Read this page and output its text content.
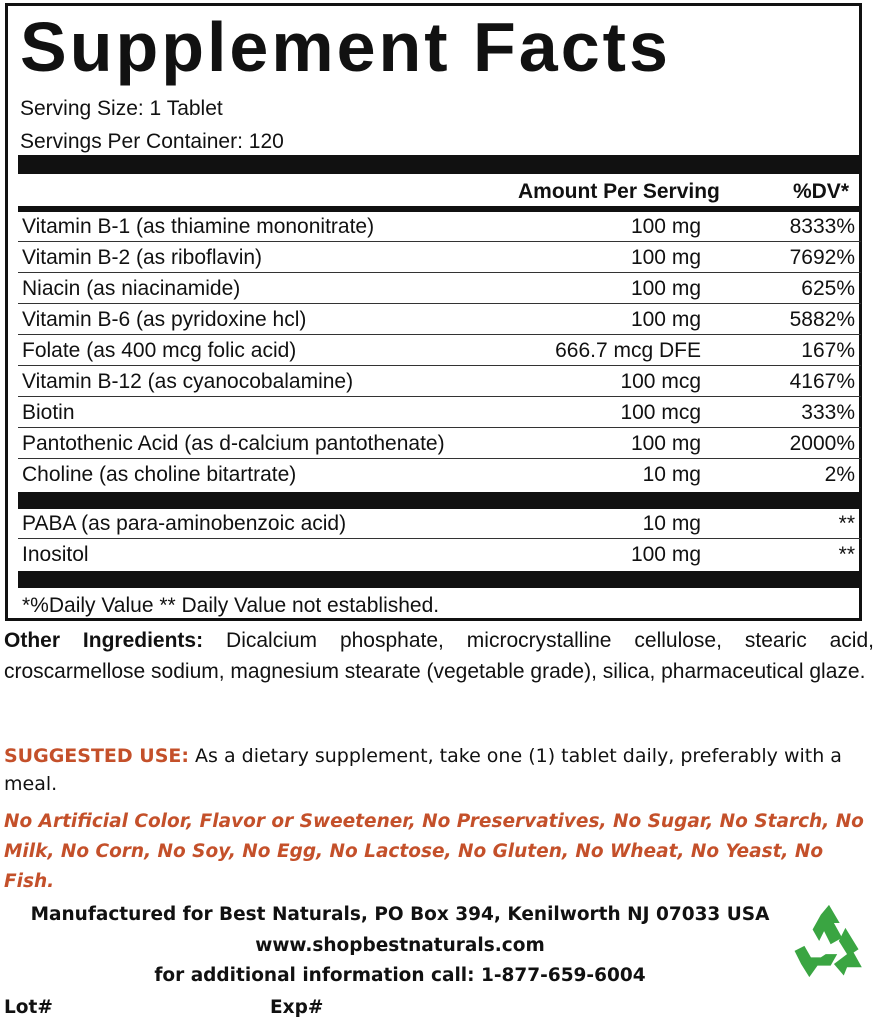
Supplement Facts
Serving Size: 1 Tablet
Servings Per Container: 120
Amount Per Serving	%DV*
Vitamin B-1 (as thiamine mononitrate)	100 mg	8333%
Vitamin B-2 (as riboflavin)	100 mg	7692%
Niacin (as niacinamide)	100 mg	625%
Vitamin B-6 (as pyridoxine hcl)	100 mg	5882%
Folate (as 400 mcg folic acid)	666.7 mcg DFE	167%
Vitamin B-12 (as cyanocobalamine)	100 mcg	4167%
Biotin	100 mcg	333%
Pantothenic Acid (as d-calcium pantothenate)	100 mg	2000%
Choline (as choline bitartrate)	10 mg	2%
PABA (as para-aminobenzoic acid)	10 mg	**
Inositol	100 mg	**
*%Daily Value ** Daily Value not established.
Other Ingredients: Dicalcium phosphate, microcrystalline cellulose, stearic acid, croscarmellose sodium, magnesium stearate (vegetable grade), silica, pharmaceutical glaze.
SUGGESTED USE: As a dietary supplement, take one (1) tablet daily, preferably with a meal.
No Artificial Color, Flavor or Sweetener, No Preservatives, No Sugar, No Starch, No Milk, No Corn, No Soy, No Egg, No Lactose, No Gluten, No Wheat, No Yeast, No Fish.
Manufactured for Best Naturals, PO Box 394, Kenilworth NJ 07033 USA
www.shopbestnaturals.com
for additional information call: 1-877-659-6004
Lot#	Exp#
